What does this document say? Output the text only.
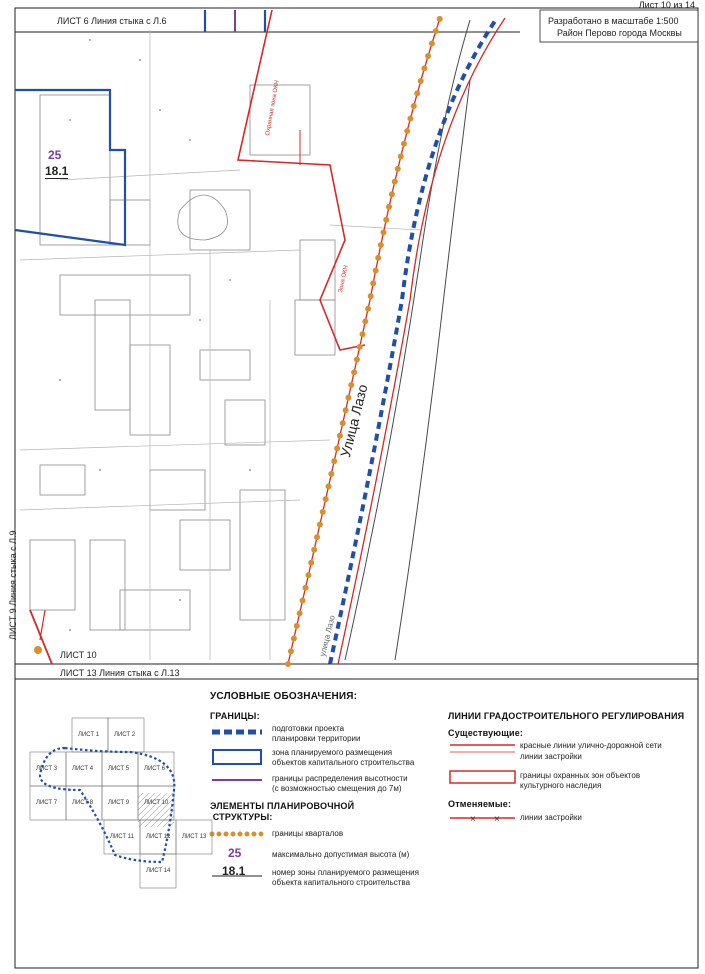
× ×
Лист 10 из 14
Разработано в масштабе 1:500
Район Перово города Москвы
ЛИСТ 6 Линия стыка с Л.6
ЛИСТ 9 Линия стыка с Л.9
ЛИСТ 10
ЛИСТ 13 Линия стыка с Л.13
Улица Лазо
улица Лазо
Охранная зона ОКН
Зона ОКН
25
18.1
УСЛОВНЫЕ ОБОЗНАЧЕНИЯ:
ГРАНИЦЫ:
подготовки проекта
планировки территории
зона планируемого размещения
объектов капитального строительства
границы распределения высотности
(с возможностью смещения до 7м)
ЭЛЕМЕНТЫ ПЛАНИРОВОЧНОЙ
СТРУКТУРЫ:
границы кварталов
25	максимально допустимая высота (м)
18.1	номер зоны планируемого размещения
объекта капитального строительства
ЛИНИИ ГРАДОСТРОИТЕЛЬНОГО РЕГУЛИРОВАНИЯ
Существующие:
красные линии улично-дорожной сети
линии застройки
границы охранных зон объектов
культурного наследия
Отменяемые:
линии застройки
ЛИСТ 1 ЛИСТ 2
ЛИСТ 3 ЛИСТ 4 ЛИСТ 5 ЛИСТ 6
ЛИСТ 7 ЛИСТ 8 ЛИСТ 9 ЛИСТ 10
ЛИСТ 11 ЛИСТ 12 ЛИСТ 13
ЛИСТ 14
